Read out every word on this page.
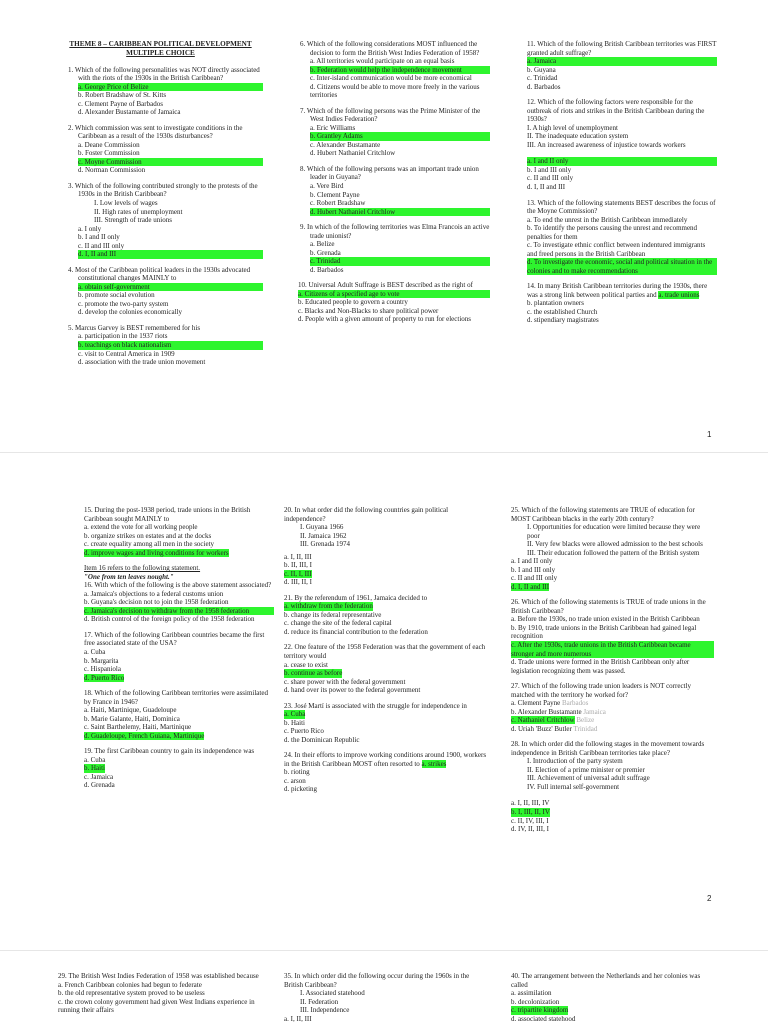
THEME 8 – CARIBBEAN POLITICAL DEVELOPMENT MULTIPLE CHOICE
1. Which of the following personalities was NOT directly associated with the riots of the 1930s in the British Caribbean?
a. George Price of Belize
b. Robert Bradshaw of St. Kitts
c. Clement Payne of Barbados
d. Alexander Bustamante of Jamaica
2. Which commission was sent to investigate conditions in the Caribbean as a result of the 1930s disturbances?
a. Deane Commission
b. Foster Commission
c. Moyne Commission
d. Norman Commission
3. Which of the following contributed strongly to the protests of the 1930s in the British Caribbean?
I. Low levels of wages
II. High rates of unemployment
III. Strength of trade unions
a. I only
b. I and II only
c. II and III only
d. I, II and III
4. Most of the Caribbean political leaders in the 1930s advocated constitutional changes MAINLY to
a. obtain self-government
b. promote social evolution
c. promote the two-party system
d. develop the colonies economically
5. Marcus Garvey is BEST remembered for his
a. participation in the 1937 riots
b. teachings on black nationalism
c. visit to Central America in 1909
d. association with the trade union movement
6. Which of the following considerations MOST influenced the decision to form the British West Indies Federation of 1958?
a. All territories would participate on an equal basis
b. Federation would help the independence movement
c. Inter-island communication would be more economical
d. Citizens would be able to move more freely in the various territories
7. Which of the following persons was the Prime Minister of the West Indies Federation?
a. Eric Williams
b. Grantley Adams
c. Alexander Bustamante
d. Hubert Nathaniel Critchlow
8. Which of the following persons was an important trade union leader in Guyana?
a. Vere Bird
b. Clement Payne
c. Robert Bradshaw
d. Hubert Nathaniel Critchlow
9. In which of the following territories was Elma Francois an active trade unionist?
a. Belize
b. Grenada
c. Trinidad
d. Barbados
10. Universal Adult Suffrage is BEST described as the right of
a. Citizens of a specified age to vote
b. Educated people to govern a country
c. Blacks and Non-Blacks to share political power
d. People with a given amount of property to run for elections
11. Which of the following British Caribbean territories was FIRST granted adult suffrage?
a. Jamaica
b. Guyana
c. Trinidad
d. Barbados
12. Which of the following factors were responsible for the outbreak of riots and strikes in the British Caribbean during the 1930s?
I. A high level of unemployment
II. The inadequate education system
III. An increased awareness of injustice towards workers
a. I and II only
b. I and III only
c. II and III only
d. I, II and III
13. Which of the following statements BEST describes the focus of the Moyne Commission?
a. To end the unrest in the British Caribbean immediately
b. To identify the persons causing the unrest and recommend penalties for them
c. To investigate ethnic conflict between indentured immigrants and freed persons in the British Caribbean
d. To investigate the economic, social and political situation in the colonies and to make recommendations
14. In many British Caribbean territories during the 1930s, there was a strong link between political parties and a. trade unions
b. plantation owners
c. the established Church
d. stipendiary magistrates
1
15. During the post-1938 period, trade unions in the British Caribbean sought MAINLY to
a. extend the vote for all working people
b. organize strikes on estates and at the docks
c. create equality among all men in the society
d. improve wages and living conditions for workers
Item 16 refers to the following statement.
"One from ten leaves nought."
16. With which of the following is the above statement associated?
a. Jamaica's objections to a federal customs union
b. Guyana's decision not to join the 1958 federation
c. Jamaica's decision to withdraw from the 1958 federation
d. British control of the foreign policy of the 1958 federation
17. Which of the following Caribbean countries became the first free associated state of the USA?
a. Cuba
b. Margarita
c. Hispaniola
d. Puerto Rico
18. Which of the following Caribbean territories were assimilated by France in 1946?
a. Haiti, Martinique, Guadeloupe
b. Marie Galante, Haiti, Dominica
c. Saint Barthelemy, Haiti, Martinique
d. Guadeloupe, French Guiana, Martinique
19. The first Caribbean country to gain its independence was
a. Cuba
b. Haiti
c. Jamaica
d. Grenada
20. In what order did the following countries gain political independence?
I. Guyana 1966
II. Jamaica 1962
III. Grenada 1974
a. I, II, III
b. II, III, I
c. II, I, III
d. III, II, I
21. By the referendum of 1961, Jamaica decided to a. withdraw from the federation
b. change its federal representative
c. change the site of the federal capital
d. reduce its financial contribution to the federation
22. One feature of the 1958 Federation was that the government of each territory would
a. cease to exist
b. continue as before
c. share power with the federal government
d. hand over its power to the federal government
23. José Martí is associated with the struggle for independence in a. Cuba
b. Haiti
c. Puerto Rico
d. the Dominican Republic
24. In their efforts to improve working conditions around 1900, workers in the British Caribbean MOST often resorted to a. strikes
b. rioting
c. arson
d. picketing
25. Which of the following statements are TRUE of education for MOST Caribbean blacks in the early 20th century?
I. Opportunities for education were limited because they were poor
II. Very few blacks were allowed admission to the best schools
III. Their education followed the pattern of the British system
a. I and II only
b. I and III only
c. II and III only
d. I, II and III
26. Which of the following statements is TRUE of trade unions in the British Caribbean?
a. Before the 1930s, no trade union existed in the British Caribbean
b. By 1910, trade unions in the British Caribbean had gained legal recognition
c. After the 1930s, trade unions in the British Caribbean became stronger and more numerous
d. Trade unions were formed in the British Caribbean only after legislation recognizing them was passed.
27. Which of the following trade union leaders is NOT correctly matched with the territory he worked for?
a. Clement Payne Barbados
b. Alexander Bustamante Jamaica
c. Nathaniel Critchlow Belize
d. Uriah 'Buzz' Butler Trinidad
28. In which order did the following stages in the movement towards independence in British Caribbean territories take place?
I. Introduction of the party system
II. Election of a prime minister or premier
III. Achievement of universal adult suffrage
IV. Full internal self-government
a. I, II, III, IV
b. I, III, II, IV
c. II, IV, III, I
d. IV, II, III, I
2
29. The British West Indies Federation of 1958 was established because
a. French Caribbean colonies had begun to federate
b. the old representative system proved to be useless
c. the crown colony government had given West Indians experience in running their affairs
35. In which order did the following occur during the 1960s in the British Caribbean?
I. Associated statehood
II. Federation
III. Independence
a. I, II, III
40. The arrangement between the Netherlands and her colonies was called
a. assimilation
b. decolonization
c. tripartite kingdom
d. associated statehood
